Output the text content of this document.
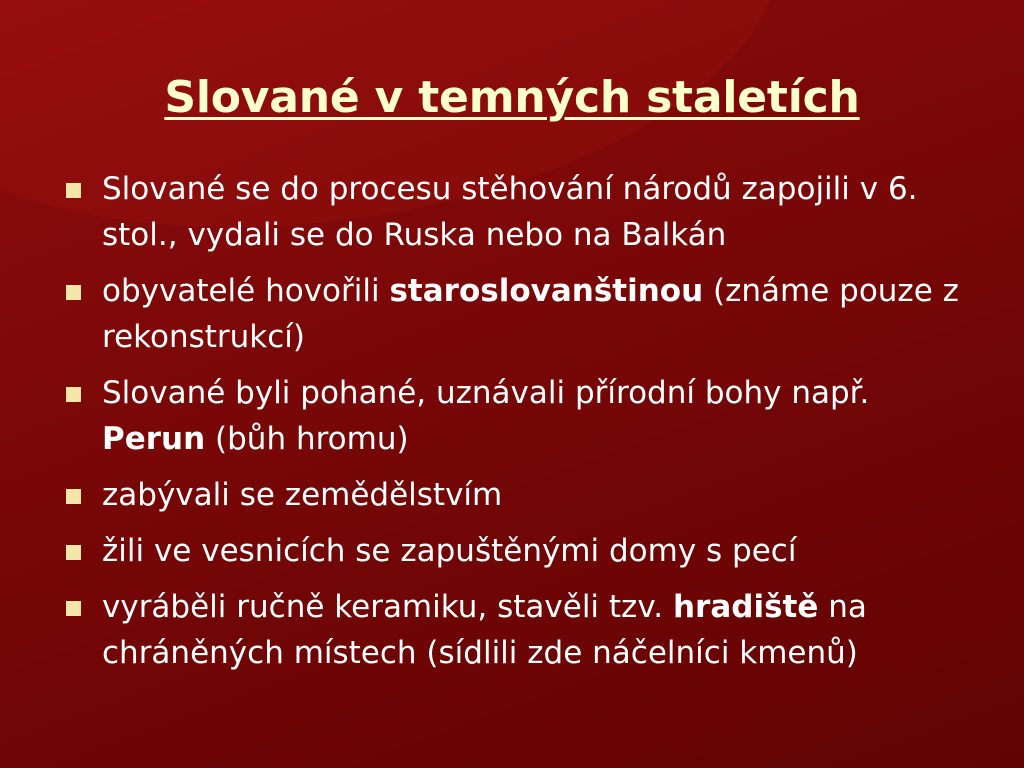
Slované v temných staletích
Slované se do procesu stěhování národů zapojili v 6. stol., vydali se do Ruska nebo na Balkán
obyvatelé hovořili staroslovanštinou (známe pouze z rekonstrukcí)
Slované byli pohané, uznávali přírodní bohy např. Perun (bůh hromu)
zabývali se zemědělstvím
žili ve vesnicích se zapuštěnými domy s pecí
vyráběli ručně keramiku, stavěli tzv. hradiště na chráněných místech (sídlili zde náčelníci kmenů)
